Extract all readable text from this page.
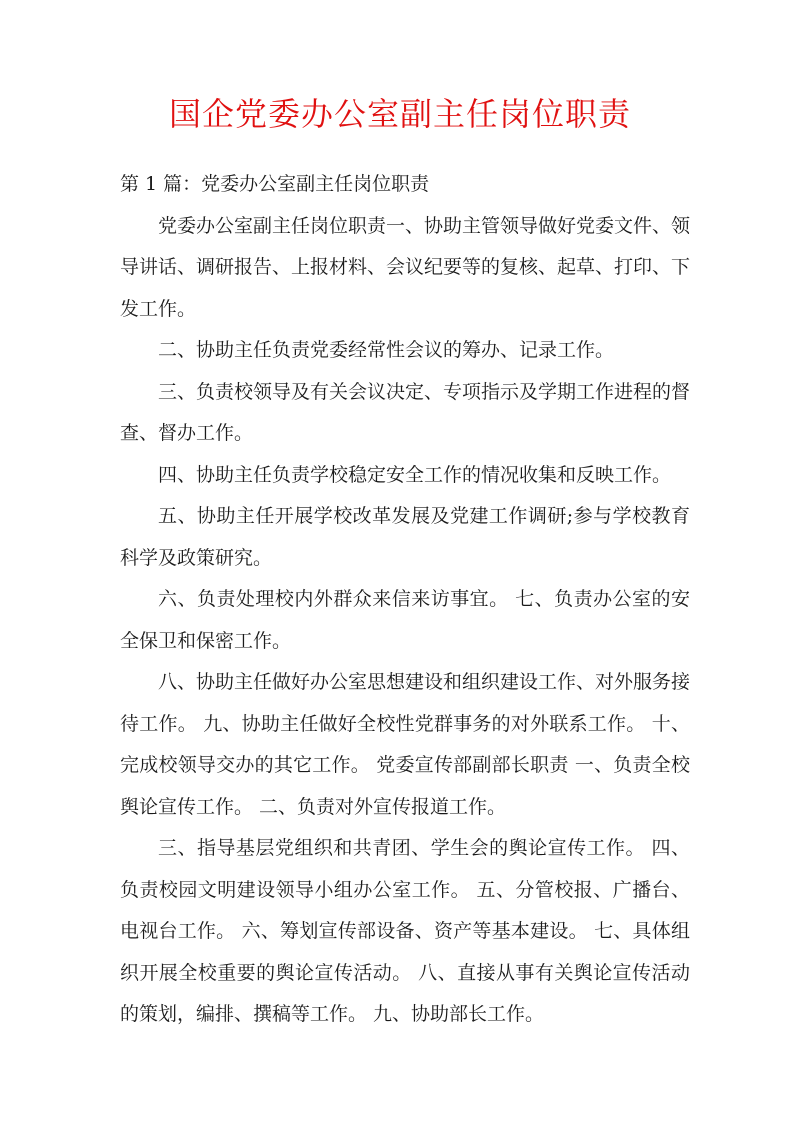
国企党委办公室副主任岗位职责

第 1 篇：党委办公室副主任岗位职责

党委办公室副主任岗位职责一、协助主管领导做好党委文件、领导讲话、调研报告、上报材料、会议纪要等的复核、起草、打印、下发工作。

二、协助主任负责党委经常性会议的筹办、记录工作。

三、负责校领导及有关会议决定、专项指示及学期工作进程的督查、督办工作。

四、协助主任负责学校稳定安全工作的情况收集和反映工作。

五、协助主任开展学校改革发展及党建工作调研;参与学校教育科学及政策研究。

六、负责处理校内外群众来信来访事宜。 七、负责办公室的安全保卫和保密工作。

八、协助主任做好办公室思想建设和组织建设工作、对外服务接待工作。 九、协助主任做好全校性党群事务的对外联系工作。 十、完成校领导交办的其它工作。 党委宣传部副部长职责 一、负责全校舆论宣传工作。 二、负责对外宣传报道工作。

三、指导基层党组织和共青团、学生会的舆论宣传工作。 四、负责校园文明建设领导小组办公室工作。 五、分管校报、广播台、电视台工作。 六、筹划宣传部设备、资产等基本建设。 七、具体组织开展全校重要的舆论宣传活动。 八、直接从事有关舆论宣传活动的策划，编排、撰稿等工作。 九、协助部长工作。
